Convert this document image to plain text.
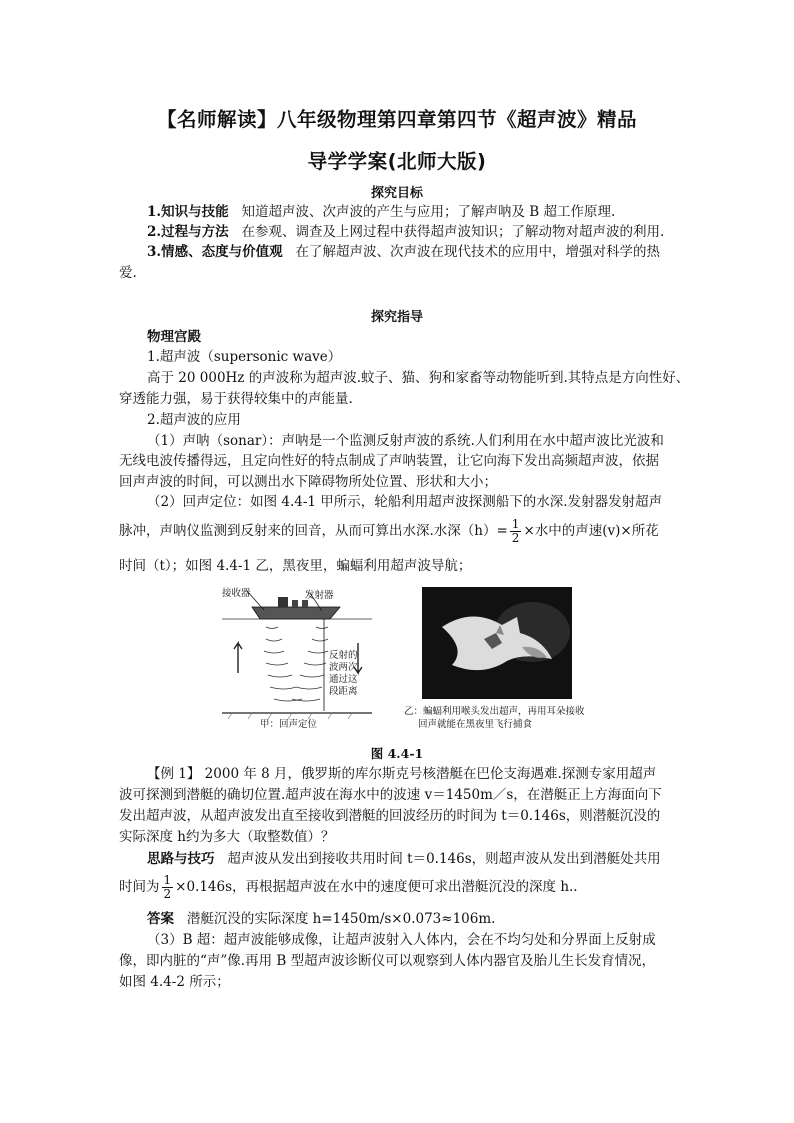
【名师解读】八年级物理第四章第四节《超声波》精品
导学学案(北师大版)
探究目标
1.知识与技能 知道超声波、次声波的产生与应用；了解声呐及 B 超工作原理.
2.过程与方法 在参观、调查及上网过程中获得超声波知识；了解动物对超声波的利用.
3.情感、态度与价值观 在了解超声波、次声波在现代技术的应用中，增强对科学的热
爱.
探究指导
物理宫殿
1.超声波（supersonic wave）
高于 20 000Hz 的声波称为超声波.蚊子、猫、狗和家畜等动物能听到.其特点是方向性好、
穿透能力强，易于获得较集中的声能量.
2.超声波的应用
（1）声呐（sonar）：声呐是一个监测反射声波的系统.人们利用在水中超声波比光波和
无线电波传播得远，且定向性好的特点制成了声呐装置，让它向海下发出高频超声波，依据
回声声波的时间，可以测出水下障碍物所处位置、形状和大小；
（2）回声定位：如图 4.4-1 甲所示，轮船利用超声波探测船下的水深.发射器发射超声
脉冲，声呐仪监测到反射来的回音，从而可算出水深.水深$(h)= \frac{1}{2}$ ×水中的声速(v)×所花
时间（t）；如图 4.4-1 乙，黑夜里，蝙蝠利用超声波导航；
接收器	发射器
反射的
波两次
通过这
段距离
甲：回声定位
乙：蝙蝠利用喉头发出超声，再用耳朵接收
回声就能在黑夜里飞行捕食
图 4.4-1
【例 1】 2000 年 8 月，俄罗斯的库尔斯克号核潜艇在巴伦支海遇难.探测专家用超声
波可探测到潜艇的确切位置.超声波在海水中的波速 v＝1450m／s，在潜艇正上方海面向下
发出超声波，从超声波发出直至接收到潜艇的回波经历的时间为 t＝0.146s，则潜艇沉没的
实际深度 h约为多大（取整数值）？
思路与技巧 超声波从发出到接收共用时间 t＝0.146s，则超声波从发出到潜艇处共用
时间为 $\frac{1}{2} \times 0.146s$，再根据超声波在水中的速度便可求出潜艇沉没的深度 h..
答案 潜艇沉没的实际深度 h=1450m/s×0.073≈106m.
（3）B 超：超声波能够成像，让超声波射入人体内，会在不均匀处和分界面上反射成
像，即内脏的“声”像.再用 B 型超声波诊断仪可以观察到人体内器官及胎儿生长发育情况，
如图 4.4-2 所示；
